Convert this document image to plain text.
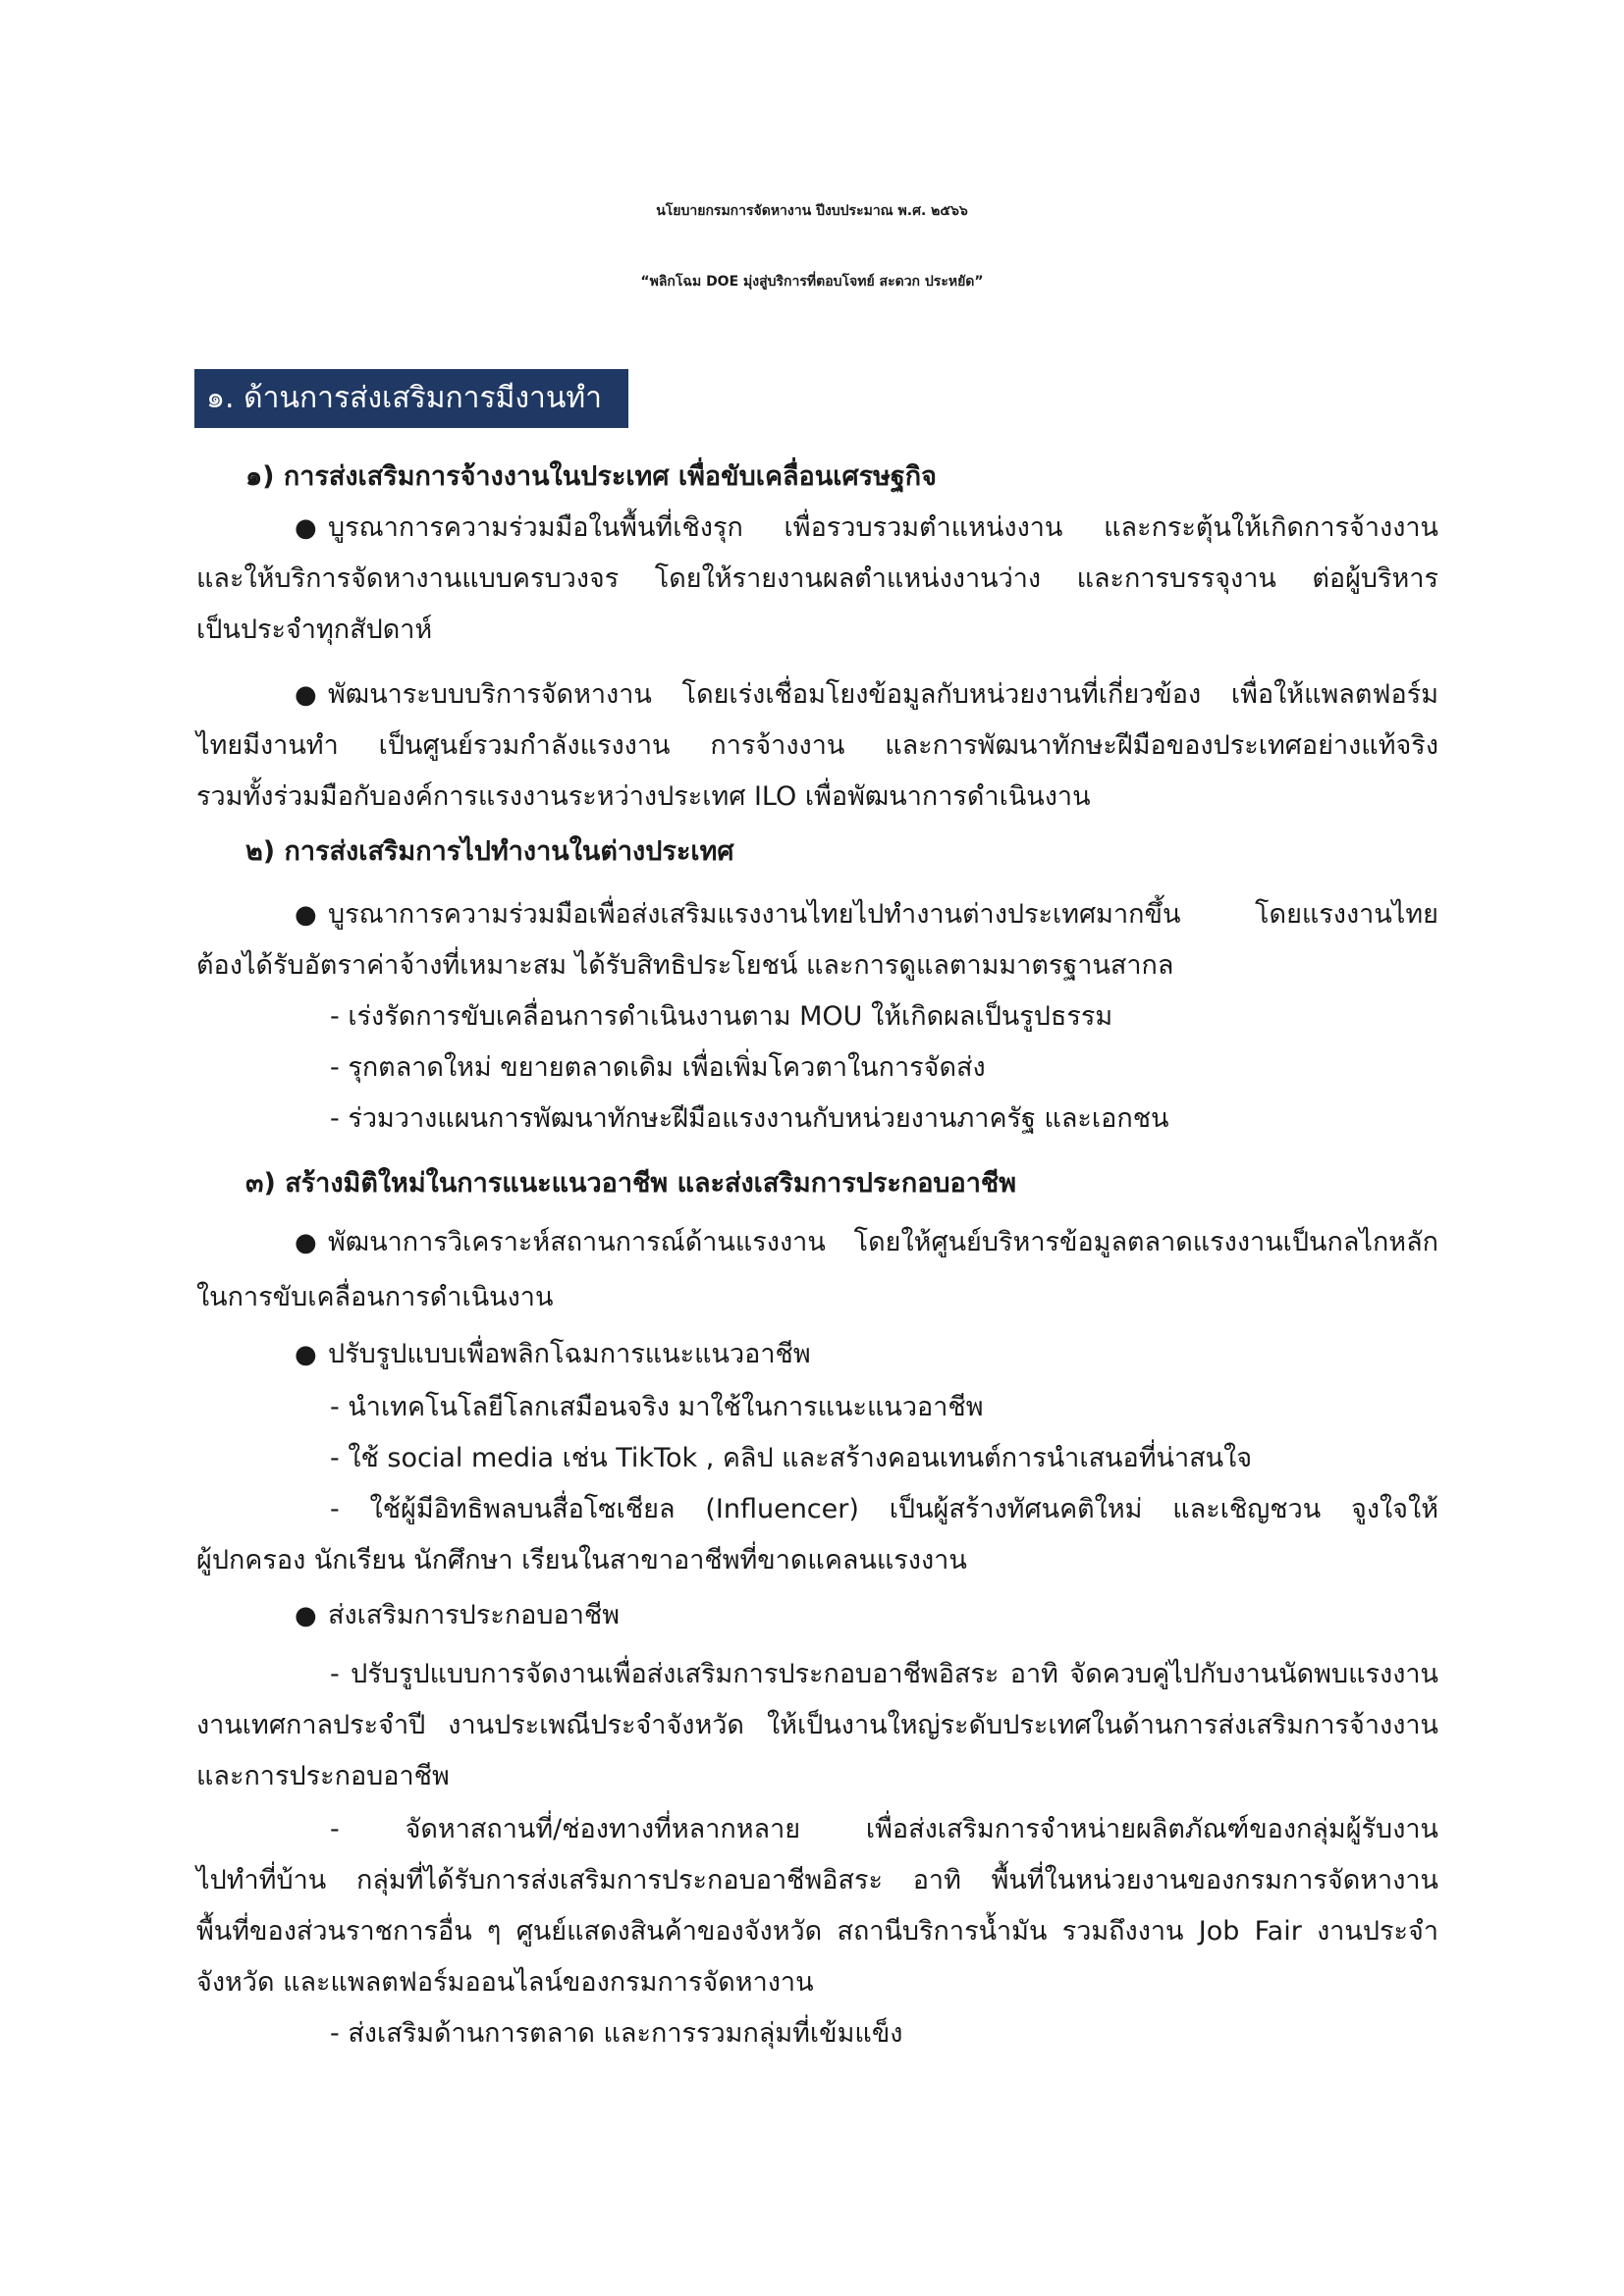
นโยบายกรมการจัดหางาน ปีงบประมาณ พ.ศ. ๒๕๖๖
“พลิกโฉม DOE มุ่งสู่บริการที่ตอบโจทย์ สะดวก ประหยัด”
๑. ด้านการส่งเสริมการมีงานทำ
๑) การส่งเสริมการจ้างงานในประเทศ เพื่อขับเคลื่อนเศรษฐกิจ
● บูรณาการความร่วมมือในพื้นที่เชิงรุก เพื่อรวบรวมตำแหน่งงาน และกระตุ้นให้เกิดการจ้างงาน
และให้บริการจัดหางานแบบครบวงจร โดยให้รายงานผลตำแหน่งงานว่าง และการบรรจุงาน ต่อผู้บริหาร
เป็นประจำทุกสัปดาห์
● พัฒนาระบบบริการจัดหางาน โดยเร่งเชื่อมโยงข้อมูลกับหน่วยงานที่เกี่ยวข้อง เพื่อให้แพลตฟอร์ม
ไทยมีงานทำ เป็นศูนย์รวมกำลังแรงงาน การจ้างงาน และการพัฒนาทักษะฝีมือของประเทศอย่างแท้จริง
รวมทั้งร่วมมือกับองค์การแรงงานระหว่างประเทศ ILO เพื่อพัฒนาการดำเนินงาน
๒) การส่งเสริมการไปทำงานในต่างประเทศ
● บูรณาการความร่วมมือเพื่อส่งเสริมแรงงานไทยไปทำงานต่างประเทศมากขึ้น โดยแรงงานไทย
ต้องได้รับอัตราค่าจ้างที่เหมาะสม ได้รับสิทธิประโยชน์ และการดูแลตามมาตรฐานสากล
- เร่งรัดการขับเคลื่อนการดำเนินงานตาม MOU ให้เกิดผลเป็นรูปธรรม
- รุกตลาดใหม่ ขยายตลาดเดิม เพื่อเพิ่มโควตาในการจัดส่ง
- ร่วมวางแผนการพัฒนาทักษะฝีมือแรงงานกับหน่วยงานภาครัฐ และเอกชน
๓) สร้างมิติใหม่ในการแนะแนวอาชีพ และส่งเสริมการประกอบอาชีพ
● พัฒนาการวิเคราะห์สถานการณ์ด้านแรงงาน โดยให้ศูนย์บริหารข้อมูลตลาดแรงงานเป็นกลไกหลัก
ในการขับเคลื่อนการดำเนินงาน
● ปรับรูปแบบเพื่อพลิกโฉมการแนะแนวอาชีพ
- นำเทคโนโลยีโลกเสมือนจริง มาใช้ในการแนะแนวอาชีพ
- ใช้ social media เช่น TikTok , คลิป และสร้างคอนเทนต์การนำเสนอที่น่าสนใจ
- ใช้ผู้มีอิทธิพลบนสื่อโซเชียล (Influencer) เป็นผู้สร้างทัศนคติใหม่ และเชิญชวน จูงใจให้
ผู้ปกครอง นักเรียน นักศึกษา เรียนในสาขาอาชีพที่ขาดแคลนแรงงาน
● ส่งเสริมการประกอบอาชีพ
- ปรับรูปแบบการจัดงานเพื่อส่งเสริมการประกอบอาชีพอิสระ อาทิ จัดควบคู่ไปกับงานนัดพบแรงงาน
งานเทศกาลประจำปี งานประเพณีประจำจังหวัด ให้เป็นงานใหญ่ระดับประเทศในด้านการส่งเสริมการจ้างงาน
และการประกอบอาชีพ
- จัดหาสถานที่/ช่องทางที่หลากหลาย เพื่อส่งเสริมการจำหน่ายผลิตภัณฑ์ของกลุ่มผู้รับงาน
ไปทำที่บ้าน กลุ่มที่ได้รับการส่งเสริมการประกอบอาชีพอิสระ อาทิ พื้นที่ในหน่วยงานของกรมการจัดหางาน
พื้นที่ของส่วนราชการอื่น ๆ ศูนย์แสดงสินค้าของจังหวัด สถานีบริการน้ำมัน รวมถึงงาน Job Fair งานประจำ
จังหวัด และแพลตฟอร์มออนไลน์ของกรมการจัดหางาน
- ส่งเสริมด้านการตลาด และการรวมกลุ่มที่เข้มแข็ง
